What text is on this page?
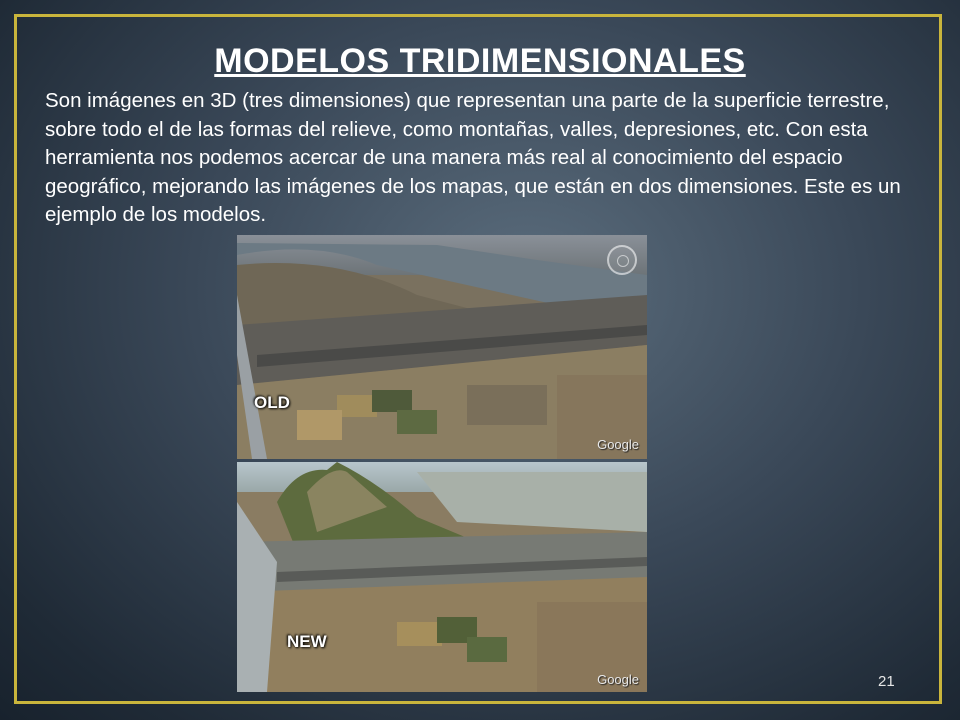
MODELOS TRIDIMENSIONALES
Son imágenes en 3D (tres dimensiones) que representan una parte de la superficie terrestre, sobre todo el de las formas del relieve, como montañas, valles, depresiones, etc. Con esta herramienta nos podemos acercar de una manera más real al conocimiento del espacio geográfico, mejorando las imágenes de los mapas, que están en dos dimensiones. Este es un ejemplo de los modelos.
OLD
Google
NEW
Google	21
